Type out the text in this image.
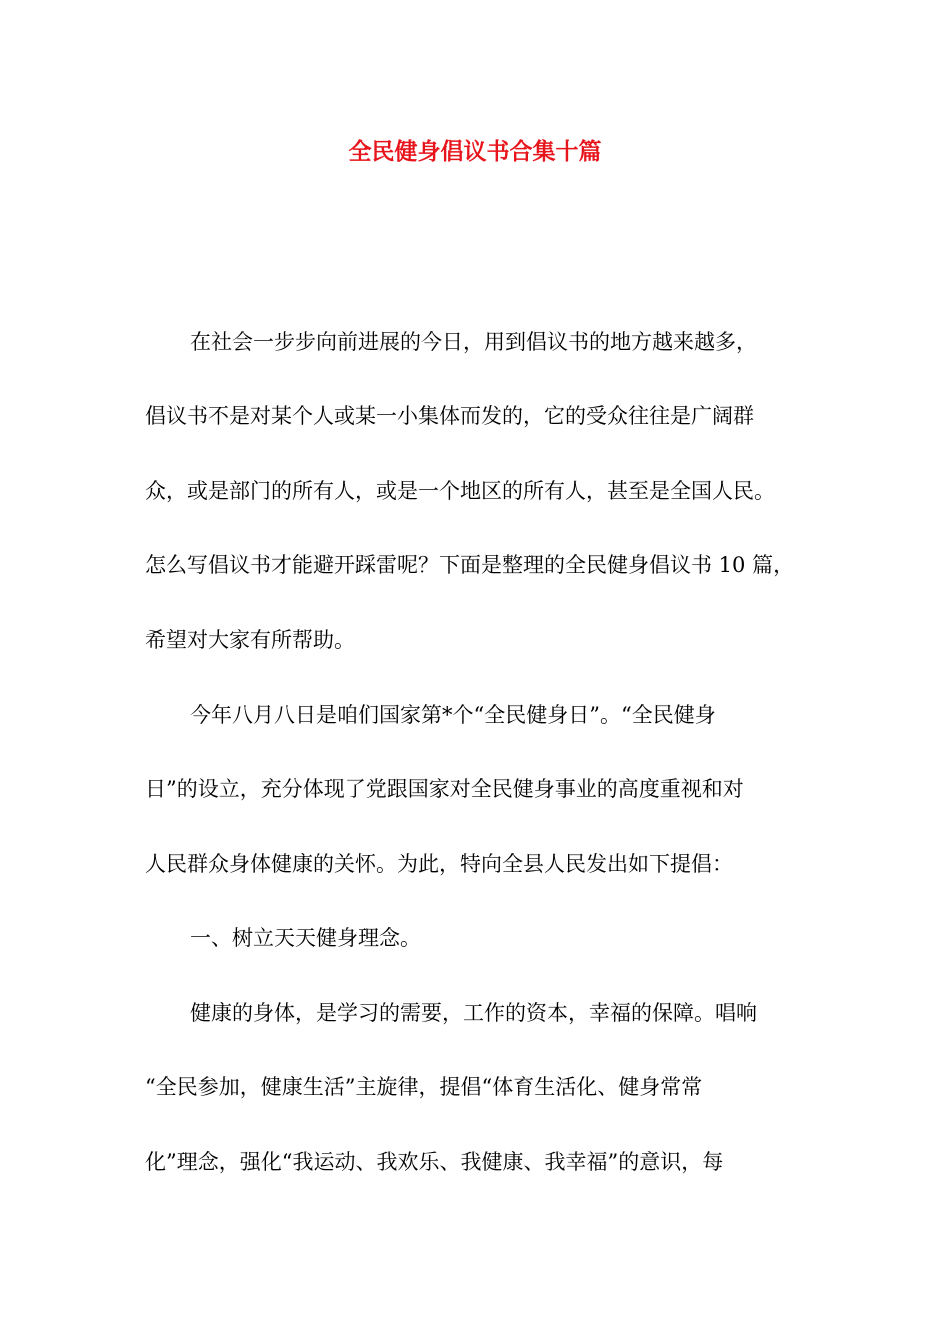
全民健身倡议书合集十篇

在社会一步步向前进展的今日，用到倡议书的地方越来越多，

倡议书不是对某个人或某一小集体而发的，它的受众往往是广阔群

众，或是部门的所有人，或是一个地区的所有人，甚至是全国人民。

怎么写倡议书才能避开踩雷呢？下面是整理的全民健身倡议书 10 篇，

希望对大家有所帮助。

今年八月八日是咱们国家第*个“全民健身日”。“全民健身

日”的设立，充分体现了党跟国家对全民健身事业的高度重视和对

人民群众身体健康的关怀。为此，特向全县人民发出如下提倡：

一、树立天天健身理念。

健康的身体，是学习的需要，工作的资本，幸福的保障。唱响

“全民参加，健康生活”主旋律，提倡“体育生活化、健身常常

化”理念，强化“我运动、我欢乐、我健康、我幸福”的意识，每
